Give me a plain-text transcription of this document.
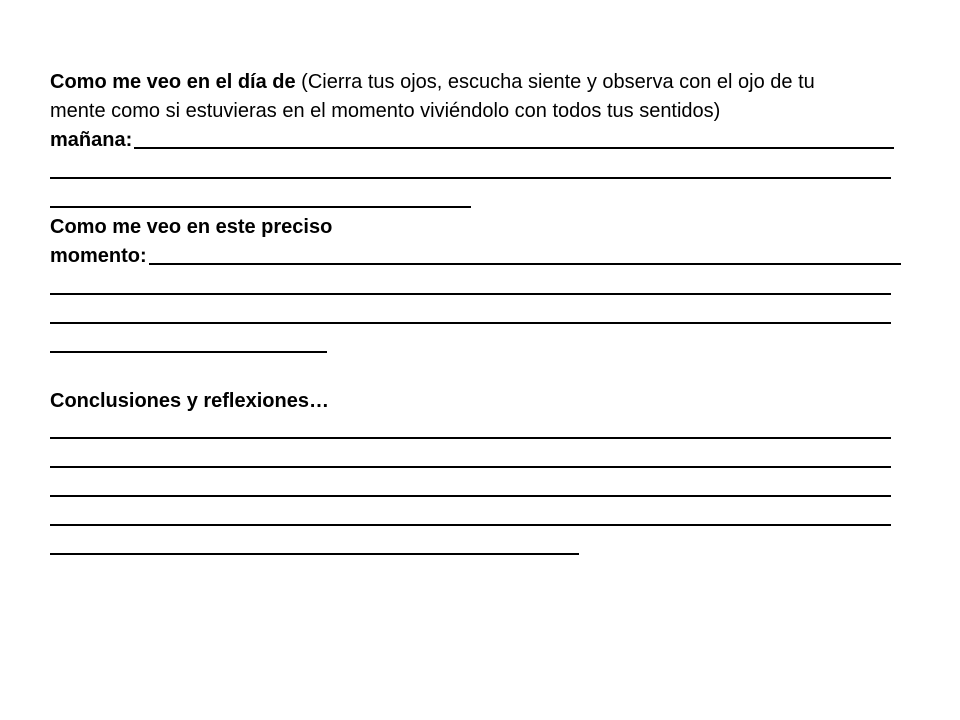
Como me veo en el día de (Cierra tus ojos, escucha siente y observa con el ojo de tu
mente como si estuvieras en el momento viviéndolo con todos tus sentidos)
mañana:
Como me veo en este preciso
momento:
Conclusiones y reflexiones…
